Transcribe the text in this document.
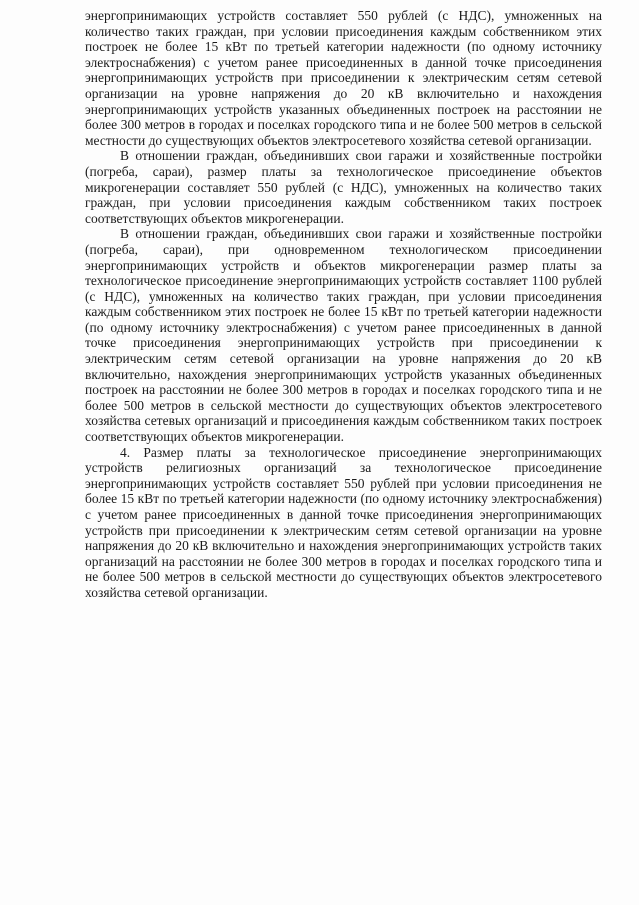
энергопринимающих устройств составляет 550 рублей (с НДС), умноженных на количество таких граждан, при условии присоединения каждым собственником этих построек не более 15 кВт по третьей категории надежности (по одному источнику электроснабжения) с учетом ранее присоединенных в данной точке присоединения энергопринимающих устройств при присоединении к электрическим сетям сетевой организации на уровне напряжения до 20 кВ включительно и нахождения энергопринимающих устройств указанных объединенных построек на расстоянии не более 300 метров в городах и поселках городского типа и не более 500 метров в сельской местности до существующих объектов электросетевого хозяйства сетевой организации.

В отношении граждан, объединивших свои гаражи и хозяйственные постройки (погреба, сараи), размер платы за технологическое присоединение объектов микрогенерации составляет 550 рублей (с НДС), умноженных на количество таких граждан, при условии присоединения каждым собственником таких построек соответствующих объектов микрогенерации.

В отношении граждан, объединивших свои гаражи и хозяйственные постройки (погреба, сараи), при одновременном технологическом присоединении энергопринимающих устройств и объектов микрогенерации размер платы за технологическое присоединение энергопринимающих устройств составляет 1100 рублей (с НДС), умноженных на количество таких граждан, при условии присоединения каждым собственником этих построек не более 15 кВт по третьей категории надежности (по одному источнику электроснабжения) с учетом ранее присоединенных в данной точке присоединения энергопринимающих устройств при присоединении к электрическим сетям сетевой организации на уровне напряжения до 20 кВ включительно, нахождения энергопринимающих устройств указанных объединенных построек на расстоянии не более 300 метров в городах и поселках городского типа и не более 500 метров в сельской местности до существующих объектов электросетевого хозяйства сетевых организаций и присоединения каждым собственником таких построек соответствующих объектов микрогенерации.

4. Размер платы за технологическое присоединение энергопринимающих устройств религиозных организаций за технологическое присоединение энергопринимающих устройств составляет 550 рублей при условии присоединения не более 15 кВт по третьей категории надежности (по одному источнику электроснабжения) с учетом ранее присоединенных в данной точке присоединения энергопринимающих устройств при присоединении к электрическим сетям сетевой организации на уровне напряжения до 20 кВ включительно и нахождения энергопринимающих устройств таких организаций на расстоянии не более 300 метров в городах и поселках городского типа и не более 500 метров в сельской местности до существующих объектов электросетевого хозяйства сетевой организации.
